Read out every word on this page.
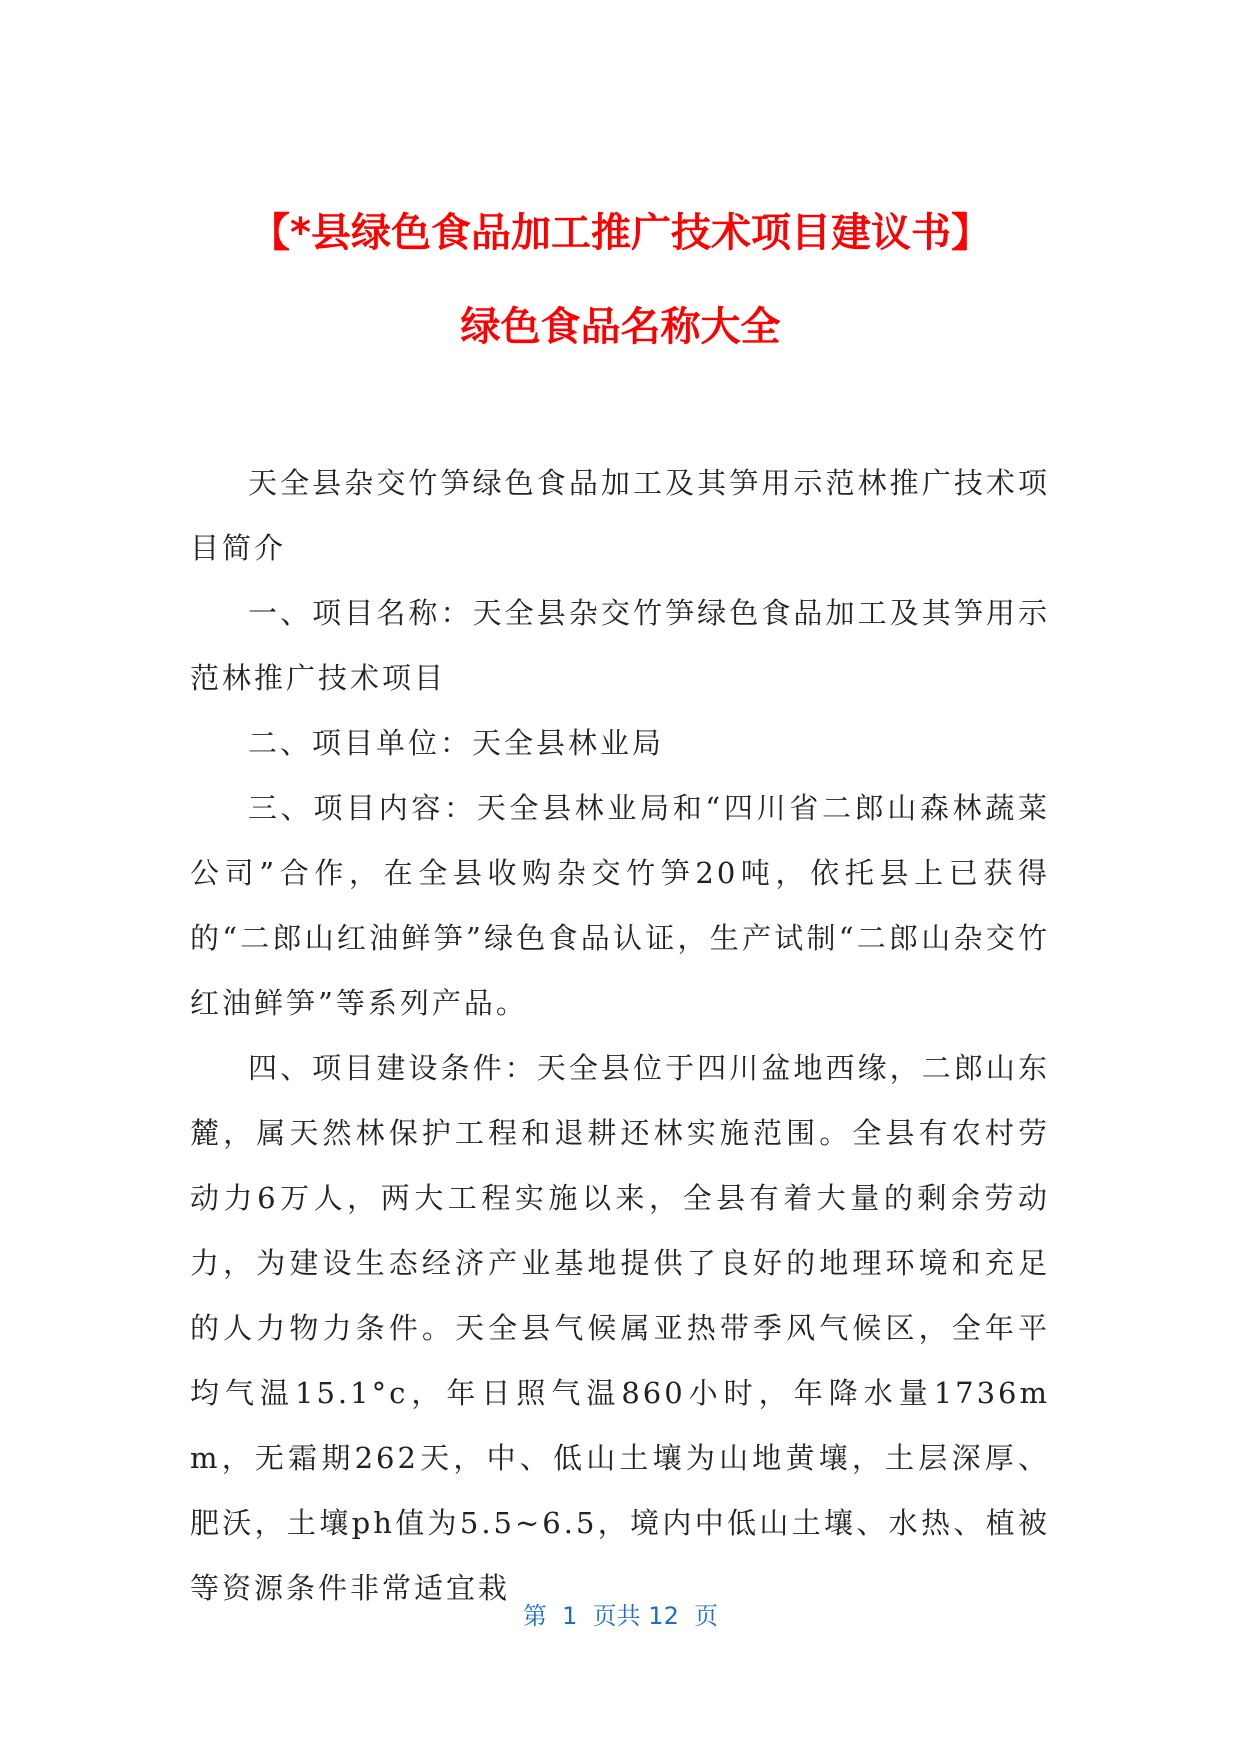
【*县绿色食品加工推广技术项目建议书】
绿色食品名称大全

天全县杂交竹笋绿色食品加工及其笋用示范林推广技术项目简介

一、项目名称：天全县杂交竹笋绿色食品加工及其笋用示范林推广技术项目

二、项目单位：天全县林业局

三、项目内容：天全县林业局和“四川省二郎山森林蔬菜公司”合作，在全县收购杂交竹笋20吨，依托县上已获得的“二郎山红油鲜笋”绿色食品认证，生产试制“二郎山杂交竹红油鲜笋”等系列产品。

四、项目建设条件：天全县位于四川盆地西缘，二郎山东麓，属天然林保护工程和退耕还林实施范围。全县有农村劳动力6万人，两大工程实施以来，全县有着大量的剩余劳动力，为建设生态经济产业基地提供了良好的地理环境和充足的人力物力条件。天全县气候属亚热带季风气候区，全年平均气温15.1°c，年日照气温860小时，年降水量1736mm，无霜期262天，中、低山土壤为山地黄壤，土层深厚、肥沃，土壤ph值为5.5~6.5，境内中低山土壤、水热、植被等资源条件非常适宜栽

第  1  页共 12  页
